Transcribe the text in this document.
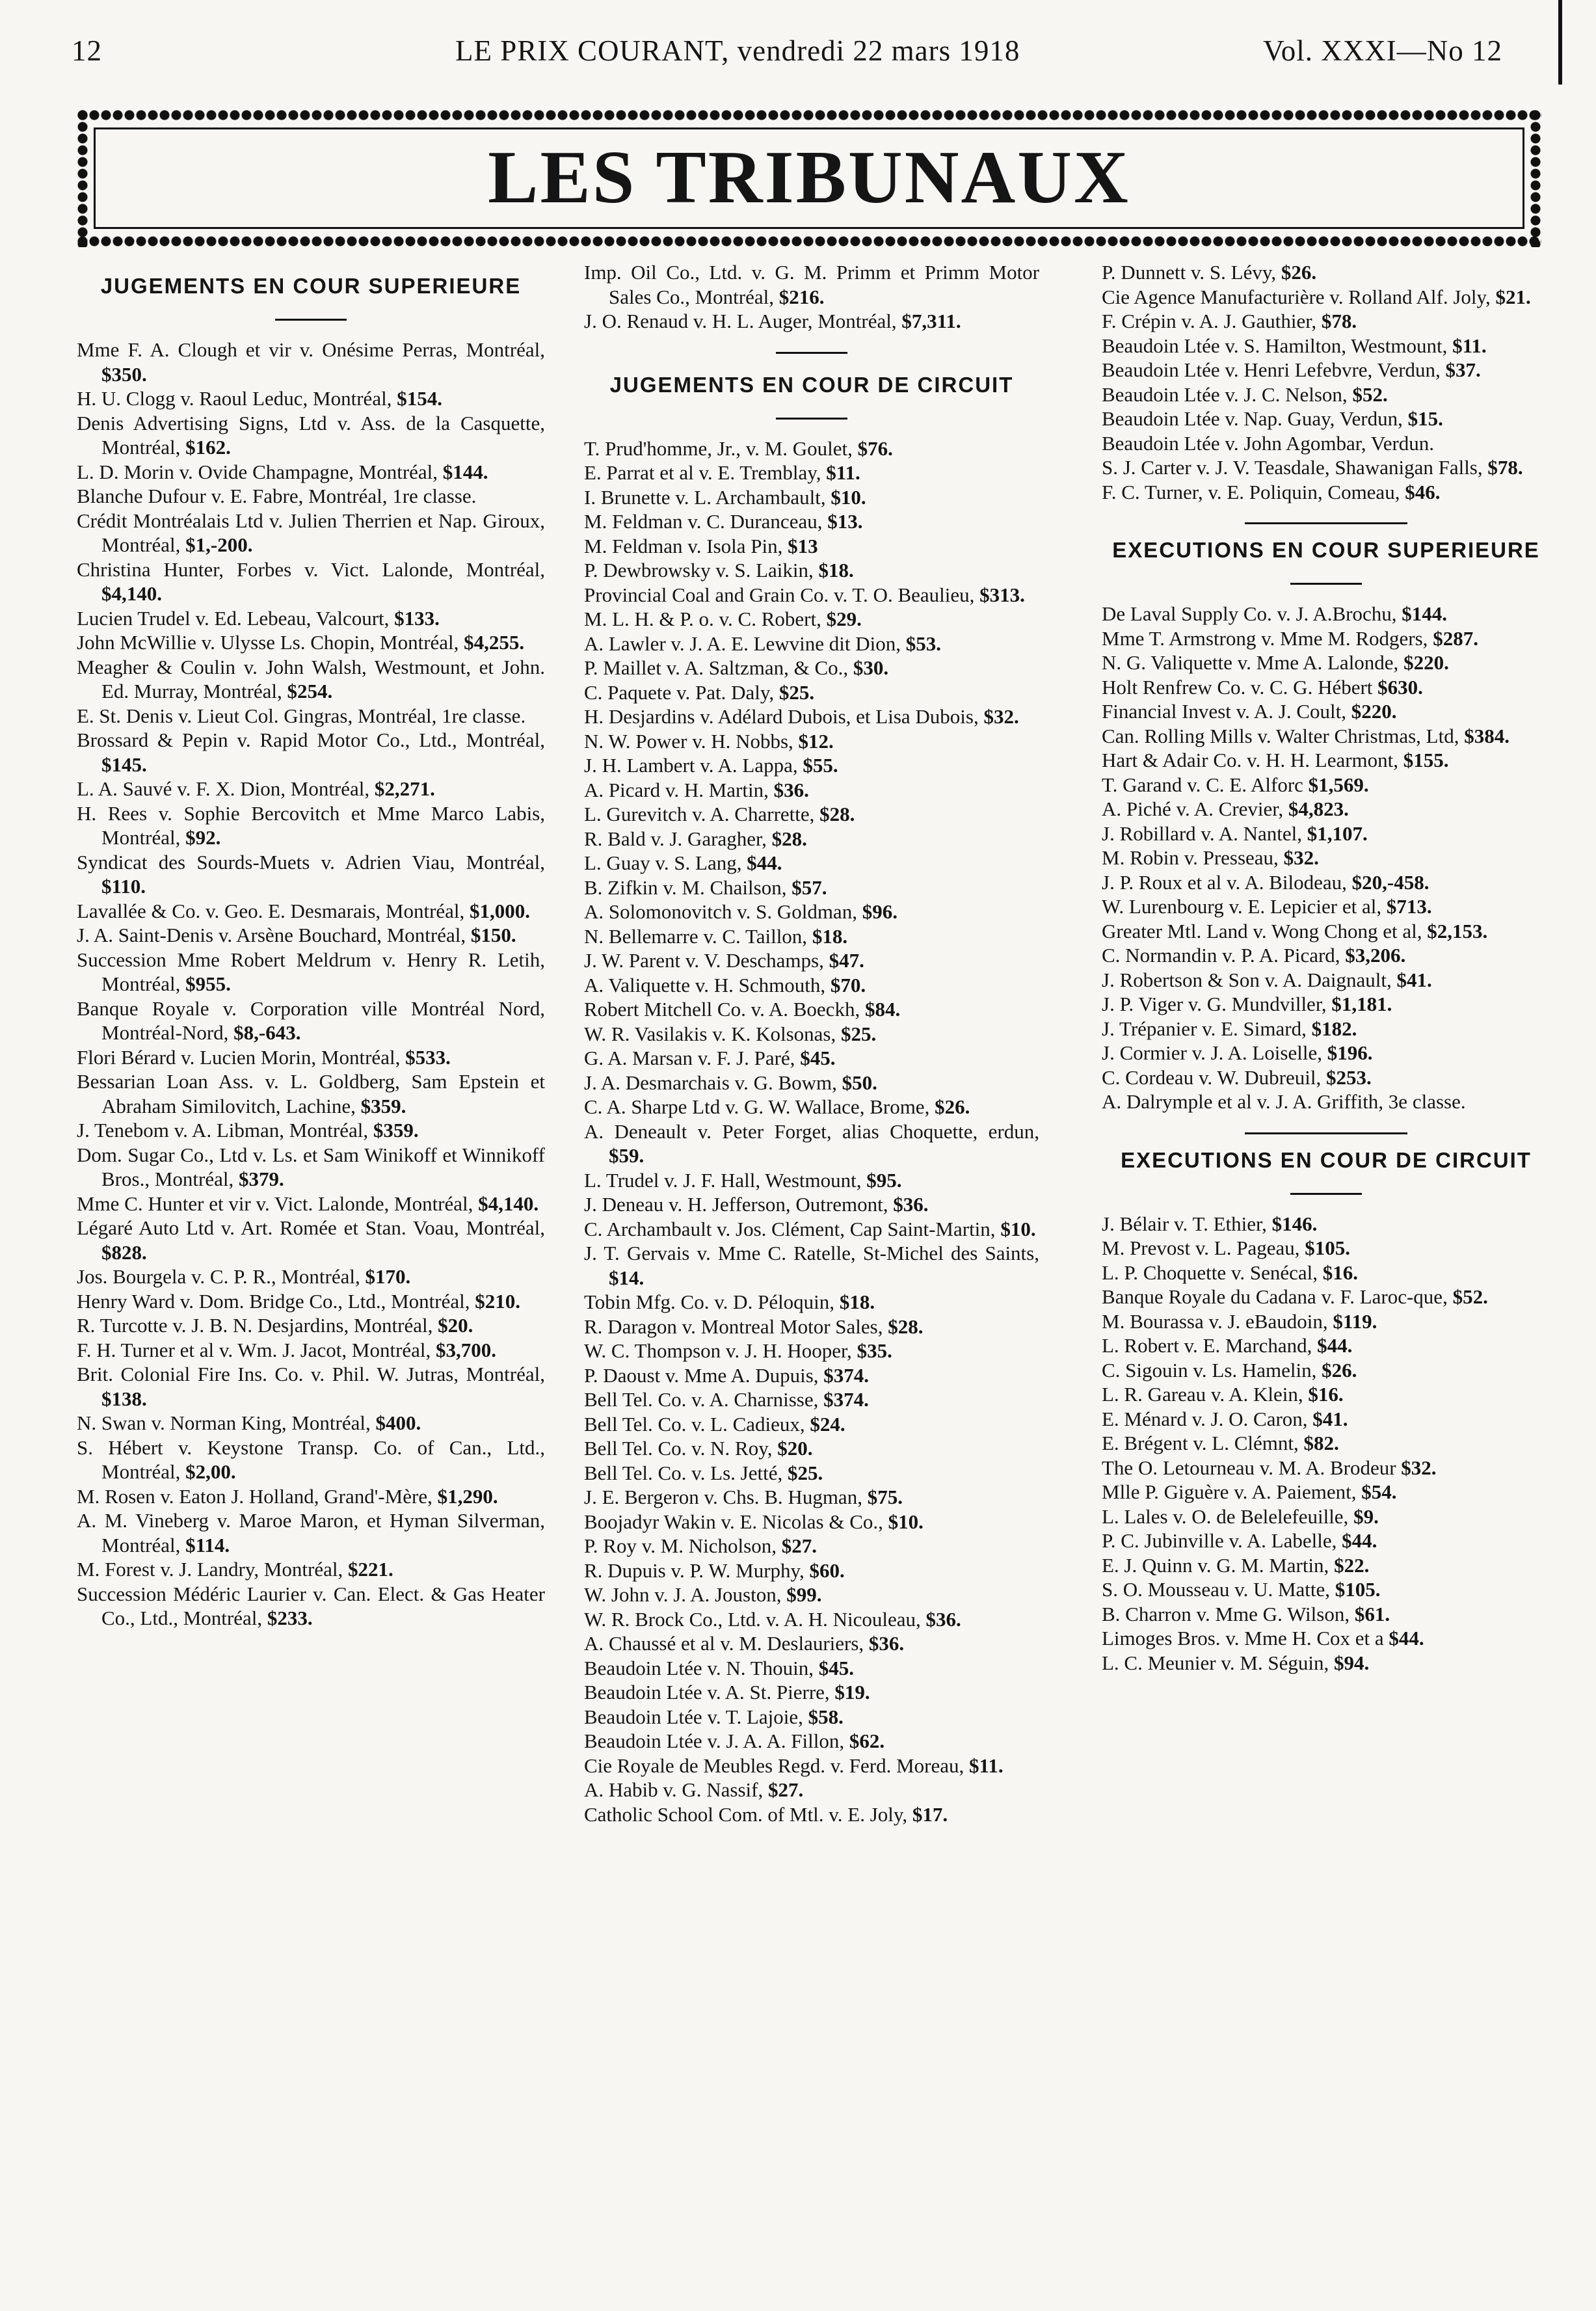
12	LE PRIX COURANT, vendredi 22 mars 1918	Vol. XXXI—No 12
LES TRIBUNAUX
JUGEMENTS EN COUR SUPERIEURE
Mme F. A. Clough et vir v. Onésime Perras, Montréal, $350.
H. U. Clogg v. Raoul Leduc, Montréal, $154.
Denis Advertising Signs, Ltd v. Ass. de la Casquette, Montréal, $162.
L. D. Morin v. Ovide Champagne, Montréal, $144.
Blanche Dufour v. E. Fabre, Montréal, 1re classe.
Crédit Montréalais Ltd v. Julien Therrien et Nap. Giroux, Montréal, $1,-200.
Christina Hunter, Forbes v. Vict. Lalonde, Montréal, $4,140.
Lucien Trudel v. Ed. Lebeau, Valcourt, $133.
John McWillie v. Ulysse Ls. Chopin, Montréal, $4,255.
Meagher & Coulin v. John Walsh, Westmount, et John. Ed. Murray, Montréal, $254.
E. St. Denis v. Lieut Col. Gingras, Montréal, 1re classe.
Brossard & Pepin v. Rapid Motor Co., Ltd., Montréal, $145.
L. A. Sauvé v. F. X. Dion, Montréal, $2,271.
H. Rees v. Sophie Bercovitch et Mme Marco Labis, Montréal, $92.
Syndicat des Sourds-Muets v. Adrien Viau, Montréal, $110.
Lavallée & Co. v. Geo. E. Desmarais, Montréal, $1,000.
J. A. Saint-Denis v. Arsène Bouchard, Montréal, $150.
Succession Mme Robert Meldrum v. Henry R. Letih, Montréal, $955.
Banque Royale v. Corporation ville Montréal Nord, Montréal-Nord, $8,-643.
Flori Bérard v. Lucien Morin, Montréal, $533.
Bessarian Loan Ass. v. L. Goldberg, Sam Epstein et Abraham Similovitch, Lachine, $359.
J. Tenebom v. A. Libman, Montréal, $359.
Dom. Sugar Co., Ltd v. Ls. et Sam Winikoff et Winnikoff Bros., Montréal, $379.
Mme C. Hunter et vir v. Vict. Lalonde, Montréal, $4,140.
Légaré Auto Ltd v. Art. Romée et Stan. Voau, Montréal, $828.
Jos. Bourgela v. C. P. R., Montréal, $170.
Henry Ward v. Dom. Bridge Co., Ltd., Montréal, $210.
R. Turcotte v. J. B. N. Desjardins, Montréal, $20.
F. H. Turner et al v. Wm. J. Jacot, Montréal, $3,700.
Brit. Colonial Fire Ins. Co. v. Phil. W. Jutras, Montréal, $138.
N. Swan v. Norman King, Montréal, $400.
S. Hébert v. Keystone Transp. Co. of Can., Ltd., Montréal, $2,00.
M. Rosen v. Eaton J. Holland, Grand'-Mère, $1,290.
A. M. Vineberg v. Maroe Maron, et Hyman Silverman, Montréal, $114.
M. Forest v. J. Landry, Montréal, $221.
Succession Médéric Laurier v. Can. Elect. & Gas Heater Co., Ltd., Montréal, $233.
Imp. Oil Co., Ltd. v. G. M. Primm et Primm Motor Sales Co., Montréal, $216.
J. O. Renaud v. H. L. Auger, Montréal, $7,311.
JUGEMENTS EN COUR DE CIRCUIT
T. Prud'homme, Jr., v. M. Goulet, $76.
E. Parrat et al v. E. Tremblay, $11.
I. Brunette v. L. Archambault, $10.
M. Feldman v. C. Duranceau, $13.
M. Feldman v. Isola Pin, $13
P. Dewbrowsky v. S. Laikin, $18.
Provincial Coal and Grain Co. v. T. O. Beaulieu, $313.
M. L. H. & P. o. v. C. Robert, $29.
A. Lawler v. J. A. E. Lewvine dit Dion, $53.
P. Maillet v. A. Saltzman, & Co., $30.
C. Paquete v. Pat. Daly, $25.
H. Desjardins v. Adélard Dubois, et Lisa Dubois, $32.
N. W. Power v. H. Nobbs, $12.
J. H. Lambert v. A. Lappa, $55.
A. Picard v. H. Martin, $36.
L. Gurevitch v. A. Charrette, $28.
R. Bald v. J. Garagher, $28.
L. Guay v. S. Lang, $44.
B. Zifkin v. M. Chailson, $57.
A. Solomonovitch v. S. Goldman, $96.
N. Bellemarre v. C. Taillon, $18.
J. W. Parent v. V. Deschamps, $47.
A. Valiquette v. H. Schmouth, $70.
Robert Mitchell Co. v. A. Boeckh, $84.
W. R. Vasilakis v. K. Kolsonas, $25.
G. A. Marsan v. F. J. Paré, $45.
J. A. Desmarchais v. G. Bowm, $50.
C. A. Sharpe Ltd v. G. W. Wallace, Brome, $26.
A. Deneault v. Peter Forget, alias Choquette, erdun, $59.
L. Trudel v. J. F. Hall, Westmount, $95.
J. Deneau v. H. Jefferson, Outremont, $36.
C. Archambault v. Jos. Clément, Cap Saint-Martin, $10.
J. T. Gervais v. Mme C. Ratelle, St-Michel des Saints, $14.
Tobin Mfg. Co. v. D. Péloquin, $18.
R. Daragon v. Montreal Motor Sales, $28.
W. C. Thompson v. J. H. Hooper, $35.
P. Daoust v. Mme A. Dupuis, $374.
Bell Tel. Co. v. A. Charnisse, $374.
Bell Tel. Co. v. L. Cadieux, $24.
Bell Tel. Co. v. N. Roy, $20.
Bell Tel. Co. v. Ls. Jetté, $25.
J. E. Bergeron v. Chs. B. Hugman, $75.
Boojadyr Wakin v. E. Nicolas & Co., $10.
P. Roy v. M. Nicholson, $27.
R. Dupuis v. P. W. Murphy, $60.
W. John v. J. A. Jouston, $99.
W. R. Brock Co., Ltd. v. A. H. Nicouleau, $36.
A. Chaussé et al v. M. Deslauriers, $36.
Beaudoin Ltée v. N. Thouin, $45.
Beaudoin Ltée v. A. St. Pierre, $19.
Beaudoin Ltée v. T. Lajoie, $58.
Beaudoin Ltée v. J. A. A. Fillon, $62.
Cie Royale de Meubles Regd. v. Ferd. Moreau, $11.
A. Habib v. G. Nassif, $27.
Catholic School Com. of Mtl. v. E. Joly, $17.
P. Dunnett v. S. Lévy, $26.
Cie Agence Manufacturière v. Rolland Alf. Joly, $21.
F. Crépin v. A. J. Gauthier, $78.
Beaudoin Ltée v. S. Hamilton, Westmount, $11.
Beaudoin Ltée v. Henri Lefebvre, Verdun, $37.
Beaudoin Ltée v. J. C. Nelson, $52.
Beaudoin Ltée v. Nap. Guay, Verdun, $15.
Beaudoin Ltée v. John Agombar, Verdun.
S. J. Carter v. J. V. Teasdale, Shawanigan Falls, $78.
F. C. Turner, v. E. Poliquin, Comeau, $46.
EXECUTIONS EN COUR SUPERIEURE
De Laval Supply Co. v. J. A.Brochu, $144.
Mme T. Armstrong v. Mme M. Rodgers, $287.
N. G. Valiquette v. Mme A. Lalonde, $220.
Holt Renfrew Co. v. C. G. Hébert $630.
Financial Invest v. A. J. Coult, $220.
Can. Rolling Mills v. Walter Christmas, Ltd, $384.
Hart & Adair Co. v. H. H. Learmont, $155.
T. Garand v. C. E. Alforc $1,569.
A. Piché v. A. Crevier, $4,823.
J. Robillard v. A. Nantel, $1,107.
M. Robin v. Presseau, $32.
J. P. Roux et al v. A. Bilodeau, $20,-458.
W. Lurenbourg v. E. Lepicier et al, $713.
Greater Mtl. Land v. Wong Chong et al, $2,153.
C. Normandin v. P. A. Picard, $3,206.
J. Robertson & Son v. A. Daignault, $41.
J. P. Viger v. G. Mundviller, $1,181.
J. Trépanier v. E. Simard, $182.
J. Cormier v. J. A. Loiselle, $196.
C. Cordeau v. W. Dubreuil, $253.
A. Dalrymple et al v. J. A. Griffith, 3e classe.
EXECUTIONS EN COUR DE CIRCUIT
J. Bélair v. T. Ethier, $146.
M. Prevost v. L. Pageau, $105.
L. P. Choquette v. Senécal, $16.
Banque Royale du Cadana v. F. Laroc-que, $52.
M. Bourassa v. J. eBaudoin, $119.
L. Robert v. E. Marchand, $44.
C. Sigouin v. Ls. Hamelin, $26.
L. R. Gareau v. A. Klein, $16.
E. Ménard v. J. O. Caron, $41.
E. Brégent v. L. Clémnt, $82.
The O. Letourneau v. M. A. Brodeur $32.
Mlle P. Giguère v. A. Paiement, $54.
L. Lales v. O. de Belelefeuille, $9.
P. C. Jubinville v. A. Labelle, $44.
E. J. Quinn v. G. M. Martin, $22.
S. O. Mousseau v. U. Matte, $105.
B. Charron v. Mme G. Wilson, $61.
Limoges Bros. v. Mme H. Cox et a $44.
L. C. Meunier v. M. Séguin, $94.
